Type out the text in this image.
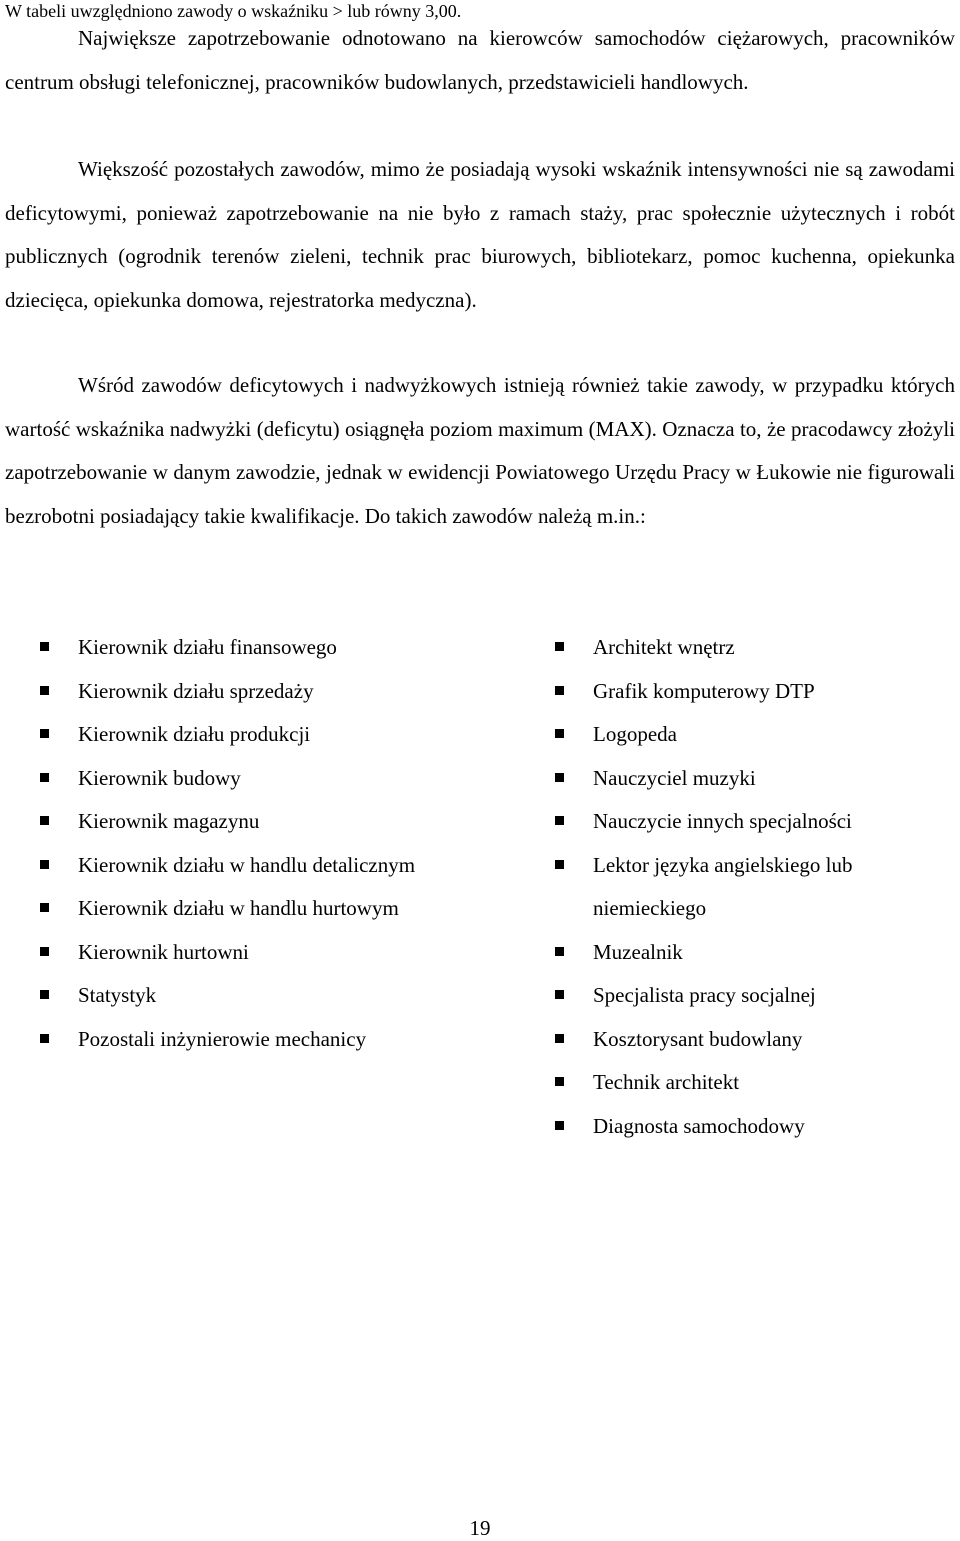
W tabeli uwzględniono zawody o wskaźniku > lub równy 3,00.

Największe zapotrzebowanie odnotowano na kierowców samochodów ciężarowych, pracowników centrum obsługi telefonicznej, pracowników budowlanych, przedstawicieli handlowych.

Większość pozostałych zawodów, mimo że posiadają wysoki wskaźnik intensywności nie są zawodami deficytowymi, ponieważ zapotrzebowanie na nie było z ramach staży, prac społecznie użytecznych i robót publicznych (ogrodnik terenów zieleni, technik prac biurowych, bibliotekarz, pomoc kuchenna, opiekunka dziecięca, opiekunka domowa, rejestratorka medyczna).

Wśród zawodów deficytowych i nadwyżkowych istnieją również takie zawody, w przypadku których wartość wskaźnika nadwyżki (deficytu) osiągnęła poziom maximum (MAX). Oznacza to, że pracodawcy złożyli zapotrzebowanie w danym zawodzie, jednak w ewidencji Powiatowego Urzędu Pracy w Łukowie nie figurowali bezrobotni posiadający takie kwalifikacje. Do takich zawodów należą m.in.:

Kierownik działu finansowego
Kierownik działu sprzedaży
Kierownik działu produkcji
Kierownik budowy
Kierownik magazynu
Kierownik działu w handlu detalicznym
Kierownik działu w handlu hurtowym
Kierownik hurtowni
Statystyk
Pozostali inżynierowie mechanicy
Architekt wnętrz
Grafik komputerowy DTP
Logopeda
Nauczyciel muzyki
Nauczycie innych specjalności
Lektor języka angielskiego lub niemieckiego
Muzealnik
Specjalista pracy socjalnej
Kosztorysant budowlany
Technik architekt
Diagnosta samochodowy
19
